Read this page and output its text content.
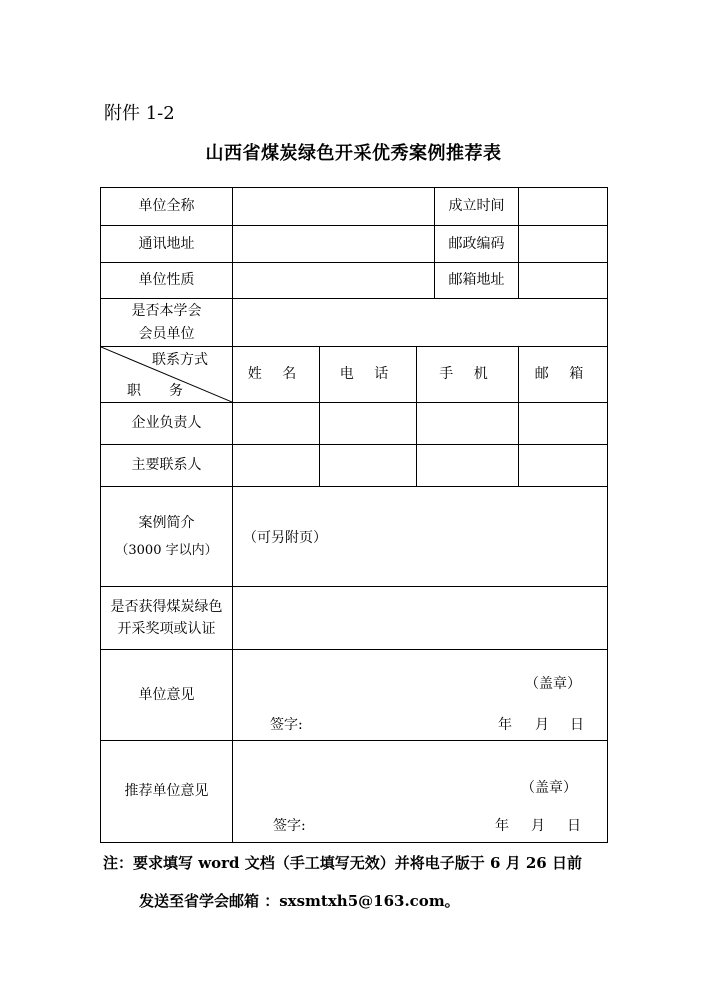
附件 1-2
山西省煤炭绿色开采优秀案例推荐表
单位全称				成立时间	
通讯地址				邮政编码	
单位性质				邮箱地址	

是否本学会
会员单位					

联系方式
职　　务	姓 名	电 话	手 机		邮 箱
企业负责人					
主要联系人					

案例简介
（3000 字以内）	（可另附页）				

是否获得煤炭绿色
开采奖项或认证					

单位意见	（盖章）
签字: 年 月 日				

推荐单位意见	（盖章）
签字: 年 月 日				
注：要求填写 word 文档（手工填写无效）并将电子版于 6 月 26 日前
发送至省学会邮箱 ：sxsmtxh5@163.com。
